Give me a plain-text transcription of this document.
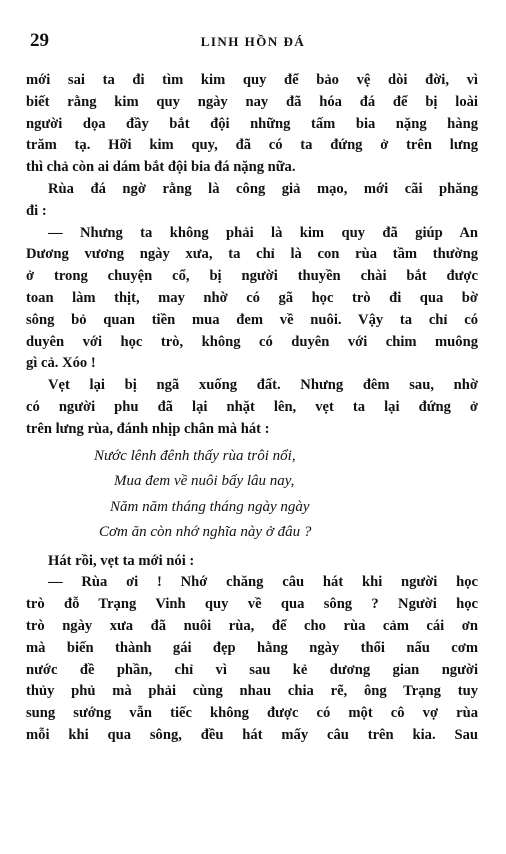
29	LINH HỒN ĐÁ

mới sai ta đi tìm kim quy để bảo vệ dòi đời, vì

biết rằng kim quy ngày nay đã hóa đá để bị loài

người dọa đầy bắt đội những tấm bia nặng hàng

trăm tạ. Hỡi kim quy, đã có ta đứng ở trên lưng

thì chả còn ai dám bắt đội bia đá nặng nữa.

Rùa đá ngờ rằng là công giả mạo, mới cãi phăng

đi :

— Nhưng ta không phải là kim quy đã giúp An

Dương vương ngày xưa, ta chỉ là con rùa tầm thường

ở trong chuyện cổ, bị người thuyền chài bắt được

toan làm thịt, may nhờ có gã học trò đi qua bờ

sông bỏ quan tiền mua đem về nuôi. Vậy ta chỉ có

duyên với học trò, không có duyên với chim muông

gì cả. Xóo !

Vẹt lại bị ngã xuống đất. Nhưng đêm sau, nhờ

có người phu đã lại nhặt lên, vẹt ta lại đứng ở

trên lưng rùa, đánh nhịp chân mà hát :

Nước lênh đênh thấy rùa trôi nổi,
Mua đem về nuôi bấy lâu nay,
Năm năm tháng tháng ngày ngày
Cơm ăn còn nhớ nghĩa này ở đâu ?

Hát rồi, vẹt ta mới nói :

— Rùa ơi ! Nhớ chăng câu hát khi người học

trò đỗ Trạng Vinh quy về qua sông ? Người học

trò ngày xưa đã nuôi rùa, để cho rùa cảm cái ơn

mà biến thành gái đẹp hằng ngày thổi nấu cơm

nước đề phần, chỉ vì sau kẻ dương gian người

thủy phủ mà phải cùng nhau chia rẽ, ông Trạng tuy

sung sướng vẫn tiếc không được có một cô vợ rùa

mỗi khi qua sông, đều hát mấy câu trên kia. Sau
